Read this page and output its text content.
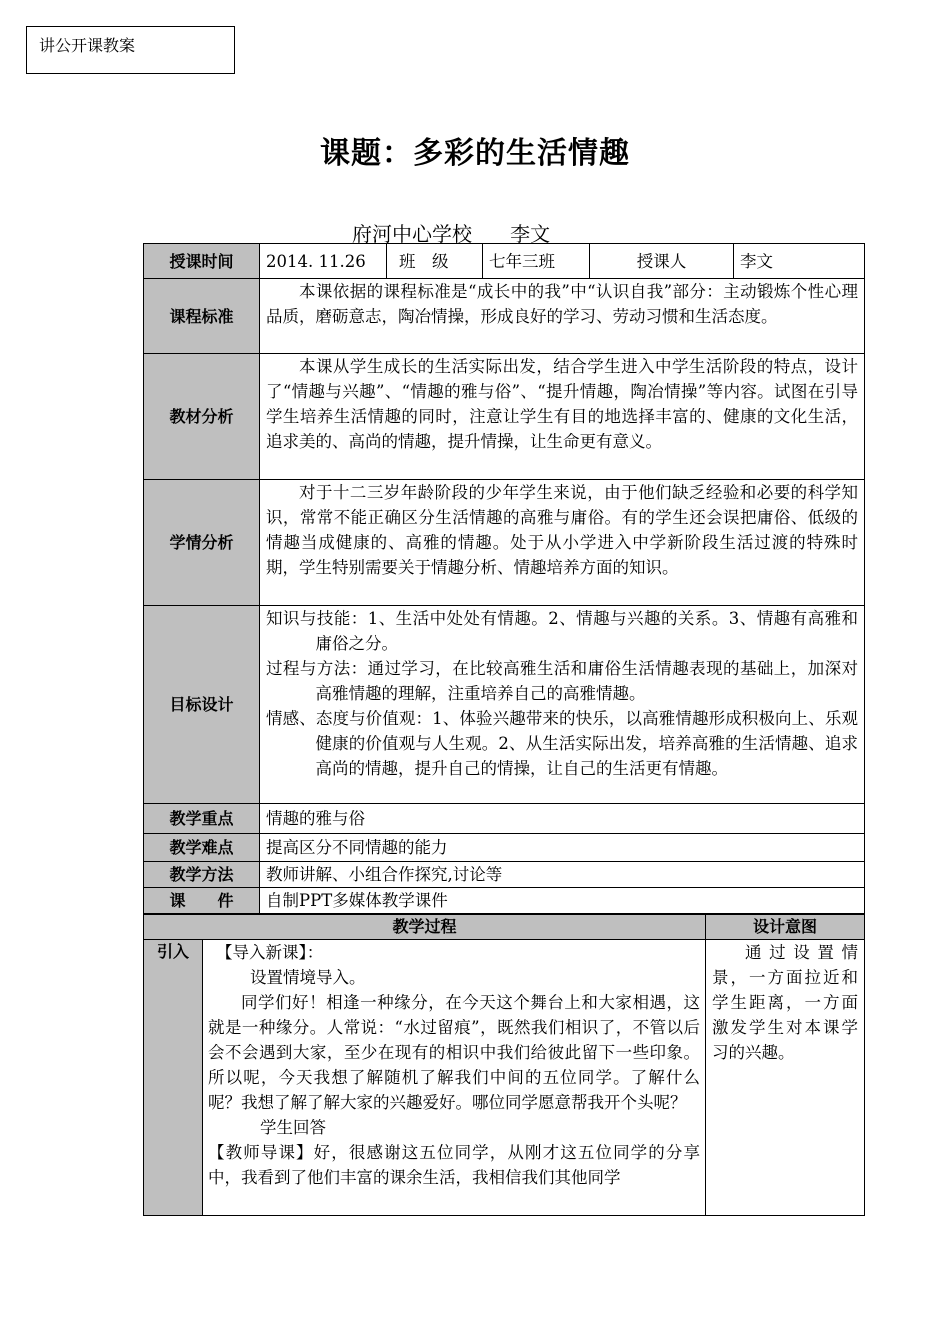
讲公开课教案
课题：多彩的生活情趣
府河中心学校      李文
授课时间	2014. 11.26	班　级	七年三班	授课人	李文
课程标准	本课依据的课程标准是“成长中的我”中“认识自我”部分：主动锻炼个性心理品质，磨砺意志，陶冶情操，形成良好的学习、劳动习惯和生活态度。				
教材分析	本课从学生成长的生活实际出发，结合学生进入中学生活阶段的特点，设计了“情趣与兴趣”、“情趣的雅与俗”、“提升情趣，陶冶情操”等内容。试图在引导学生培养生活情趣的同时，注意让学生有目的地选择丰富的、健康的文化生活，追求美的、高尚的情趣，提升情操，让生命更有意义。				
学情分析	对于十二三岁年龄阶段的少年学生来说，由于他们缺乏经验和必要的科学知识，常常不能正确区分生活情趣的高雅与庸俗。有的学生还会误把庸俗、低级的情趣当成健康的、高雅的情趣。处于从小学进入中学新阶段生活过渡的特殊时期，学生特别需要关于情趣分析、情趣培养方面的知识。				
目标设计	知识与技能：1、生活中处处有情趣。2、情趣与兴趣的关系。3、情趣有高雅和庸俗之分。

过程与方法：通过学习，在比较高雅生活和庸俗生活情趣表现的基础上，加深对高雅情趣的理解，注重培养自己的高雅情趣。

情感、态度与价值观：1、体验兴趣带来的快乐，以高雅情趣形成积极向上、乐观健康的价值观与人生观。2、从生活实际出发，培养高雅的生活情趣、追求高尚的情趣，提升自己的情操，让自己的生活更有情趣。				

教学重点	情趣的雅与俗				
教学难点	提高区分不同情趣的能力				
教学方法	教师讲解、小组合作探究,讨论等				
课　　件	自制PPT多媒体教学课件				
教学过程		设计意图
引入	【导入新课】：

设置情境导入。

同学们好！相逢一种缘分，在今天这个舞台上和大家相遇，这就是一种缘分。人常说：“水过留痕”，既然我们相识了，不管以后会不会遇到大家，至少在现有的相识中我们给彼此留下一些印象。所以呢，今天我想了解随机了解我们中间的五位同学。了解什么呢？我想了解了解大家的兴趣爱好。哪位同学愿意帮我开个头呢？

学生回答

【教师导课】好，很感谢这五位同学，从刚才这五位同学的分享中，我看到了他们丰富的课余生活，我相信我们其他同学	通过设置情景，一方面拉近和学生距离，一方面激发学生对本课学习的兴趣。
